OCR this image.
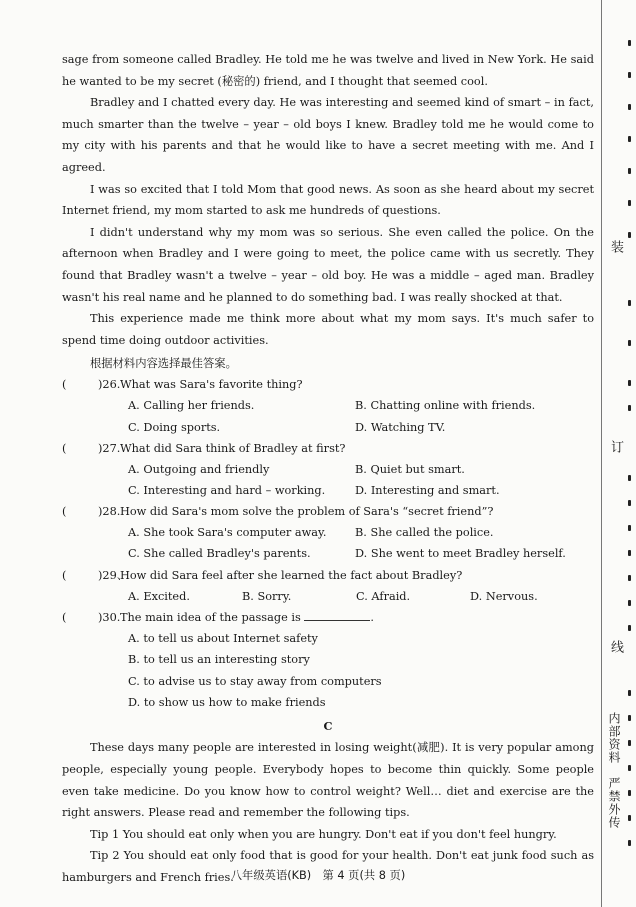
sage from someone called Bradley. He told me he was twelve and lived in New York. He said he wanted to be my secret (秘密的) friend, and I thought that seemed cool.

Bradley and I chatted every day. He was interesting and seemed kind of smart – in fact, much smarter than the twelve – year – old boys I knew. Bradley told me he would come to my city with his parents and that he would like to have a secret meeting with me. And I agreed.

I was so excited that I told Mom that good news. As soon as she heard about my secret Internet friend, my mom started to ask me hundreds of questions.

I didn't understand why my mom was so serious. She even called the police. On the afternoon when Bradley and I were going to meet, the police came with us secretly. They found that Bradley wasn't a twelve – year – old boy. He was a middle – aged man. Bradley wasn't his real name and he planned to do something bad. I was really shocked at that.

This experience made me think more about what my mom says. It's much safer to spend time doing outdoor activities.

根据材料内容选择最佳答案。
(	)26. What was Sara's favorite thing?
A. Calling her friends.	B. Chatting online with friends.
C. Doing sports.	D. Watching TV.
(	)27. What did Sara think of Bradley at first?
A. Outgoing and friendly	B. Quiet but smart.
C. Interesting and hard – working.	D. Interesting and smart.
(	)28. How did Sara's mom solve the problem of Sara's “secret friend”?
A. She took Sara's computer away.	B. She called the police.
C. She called Bradley's parents.	D. She went to meet Bradley herself.
(	)29、
How did Sara feel after she learned the fact about Bradley?
A. Excited.	B. Sorry.	C. Afraid.	D. Nervous.
(	)30. The main idea of the passage is	.
A. to tell us about Internet safety
B. to tell us an interesting story
C. to advise us to stay away from computers
D. to show us how to make friends
C

These days many people are interested in losing weight(减肥). It is very popular among people, especially young people. Everybody hopes to become thin quickly. Some people even take medicine. Do you know how to control weight? Well… diet and exercise are the right answers. Please read and remember the following tips.

Tip 1 You should eat only when you are hungry. Don't eat if you don't feel hungry.

Tip 2 You should eat only food that is good for your health. Don't eat junk food such as hamburgers and French fries.

八年级英语(KB)　第 4 页(共 8 页)
装
订
线
内部资料　严禁外传
